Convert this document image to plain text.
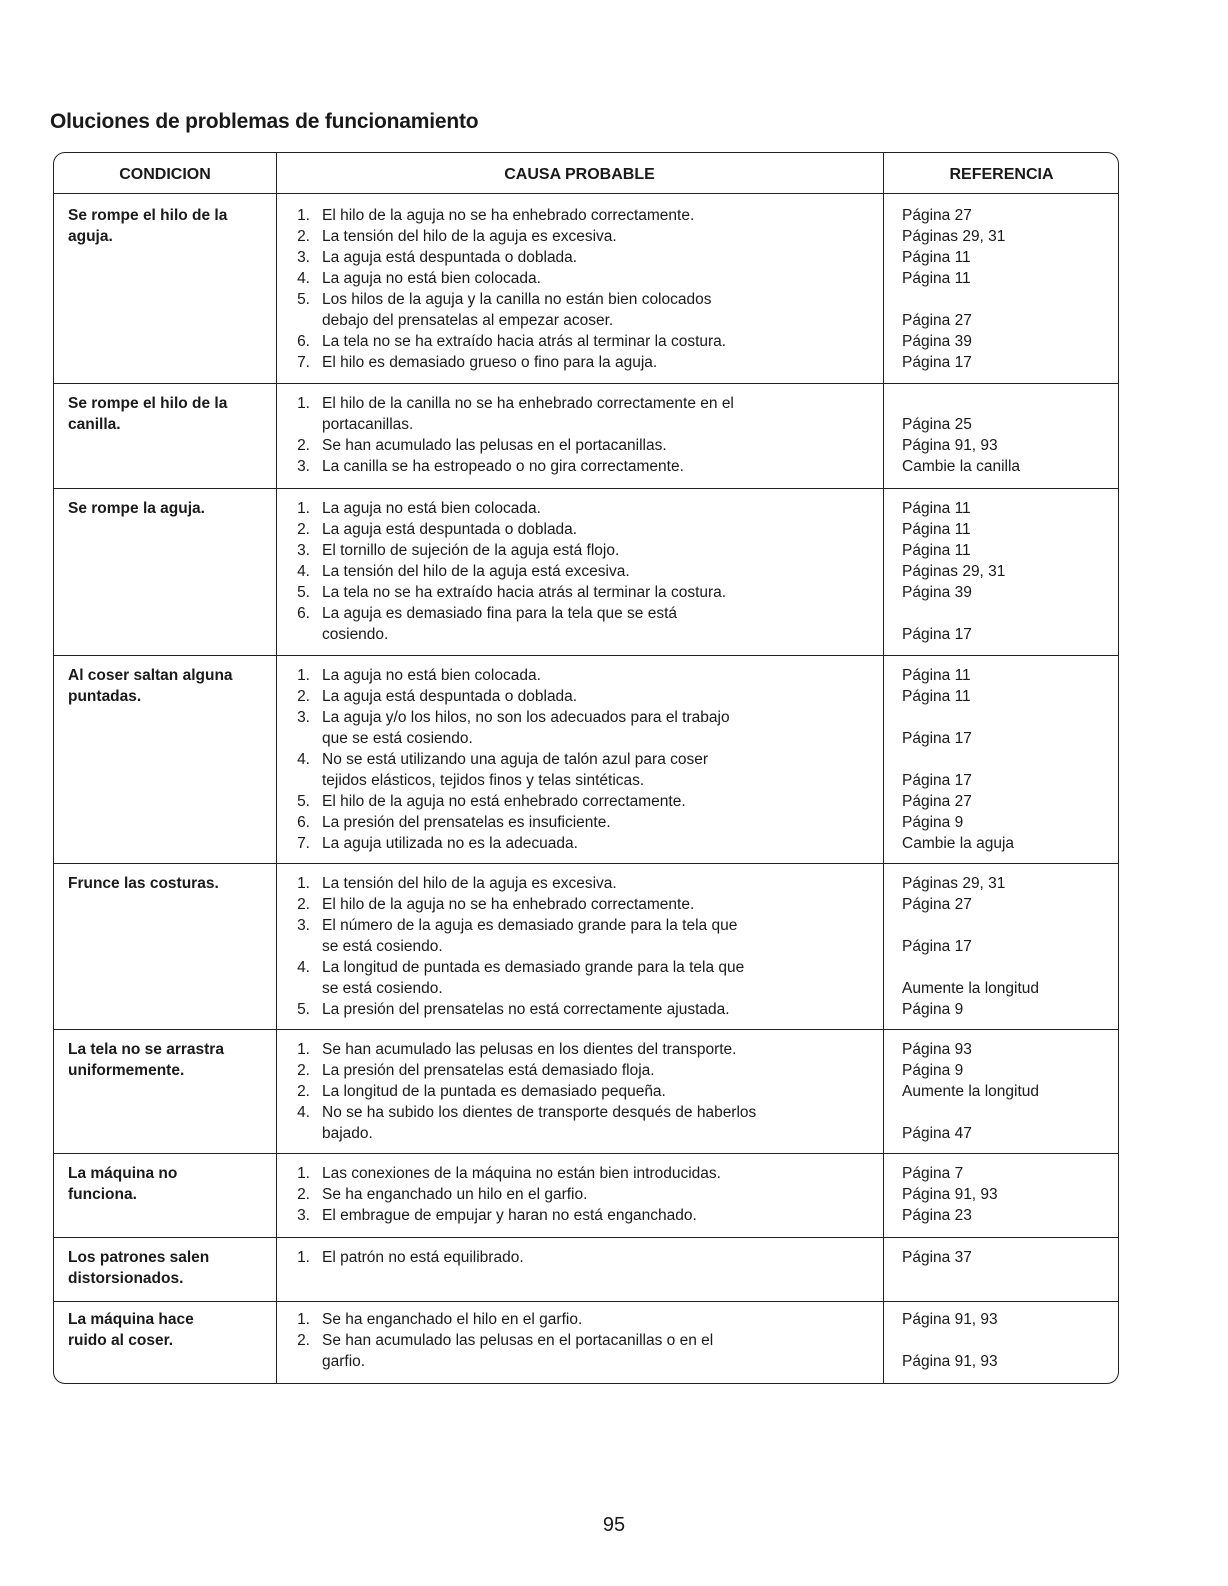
Oluciones de problemas de funcionamiento
CONDICION	CAUSA PROBABLE	REFERENCIA
Se rompe el hilo de la
aguja.
1. El hilo de la aguja no se ha enhebrado correctamente.	Página 27
2. La tensión del hilo de la aguja es excesiva.	Páginas 29, 31
3. La aguja está despuntada o doblada.	Página 11
4. La aguja no está bien colocada.	Página 11
5. Los hilos de la aguja y la canilla no están bien colocados
debajo del prensatelas al empezar acoser.	Página 27
6. La tela no se ha extraído hacia atrás al terminar la costura.	Página 39
7. El hilo es demasiado grueso o fino para la aguja.	Página 17
Se rompe el hilo de la
canilla.
1. El hilo de la canilla no se ha enhebrado correctamente en el
portacanillas.	Página 25
2. Se han acumulado las pelusas en el portacanillas.	Página 91, 93
3. La canilla se ha estropeado o no gira correctamente.	Cambie la canilla
Se rompe la aguja.	1. La aguja no está bien colocada.	Página 11
2. La aguja está despuntada o doblada.	Página 11
3. El tornillo de sujeción de la aguja está flojo.	Página 11
4. La tensión del hilo de la aguja está excesiva.	Páginas 29, 31
5. La tela no se ha extraído hacia atrás al terminar la costura.	Página 39
6. La aguja es demasiado fina para la tela que se está
cosiendo.	Página 17
Al coser saltan alguna
puntadas.
1. La aguja no está bien colocada.	Página 11
2. La aguja está despuntada o doblada.	Página 11
3. La aguja y/o los hilos, no son los adecuados para el trabajo
que se está cosiendo.	Página 17
4. No se está utilizando una aguja de talón azul para coser
tejidos elásticos, tejidos finos y telas sintéticas.	Página 17
5. El hilo de la aguja no está enhebrado correctamente.	Página 27
6. La presión del prensatelas es insuficiente.	Página 9
7. La aguja utilizada no es la adecuada.	Cambie la aguja
Frunce las costuras.	1. La tensión del hilo de la aguja es excesiva.	Páginas 29, 31
2. El hilo de la aguja no se ha enhebrado correctamente.	Página 27
3. El número de la aguja es demasiado grande para la tela que
se está cosiendo.	Página 17
4. La longitud de puntada es demasiado grande para la tela que
se está cosiendo.	Aumente la longitud
5. La presión del prensatelas no está correctamente ajustada.	Página 9
La tela no se arrastra
uniformemente.
1. Se han acumulado las pelusas en los dientes del transporte.	Página 93
2. La presión del prensatelas está demasiado floja.	Página 9
2. La longitud de la puntada es demasiado pequeña.	Aumente la longitud
4. No se ha subido los dientes de transporte desqués de haberlos
bajado.	Página 47
La máquina no
funciona.
1. Las conexiones de la máquina no están bien introducidas.	Página 7
2. Se ha enganchado un hilo en el garfio.	Página 91, 93
3. El embrague de empujar y haran no está enganchado.	Página 23
Los patrones salen
distorsionados.
1. El patrón no está equilibrado.	Página 37
La máquina hace
ruido al coser.
1. Se ha enganchado el hilo en el garfio.	Página 91, 93
2. Se han acumulado las pelusas en el portacanillas o en el
garfio.	Página 91, 93
95
